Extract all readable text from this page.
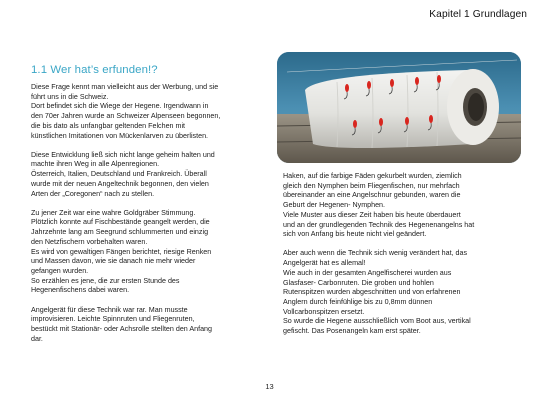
Kapitel 1 Grundlagen
1.1 Wer hat’s erfunden!?

Diese Frage kennt man vielleicht aus der Werbung, und sie
führt uns in die Schweiz.
Dort befindet sich die Wiege der Hegene. Irgendwann in
den 70er Jahren wurde an Schweizer Alpenseen begonnen,
die bis dato als unfangbar geltenden Felchen mit
künstlichen Imitationen von Mückenlarven zu überlisten.

Diese Entwicklung ließ sich nicht lange geheim halten und
machte ihren Weg in alle Alpenregionen.
Österreich, Italien, Deutschland und Frankreich. Überall
wurde mit der neuen Angeltechnik begonnen, den vielen
Arten der „Coregonen“ nach zu stellen.

Zu jener Zeit war eine wahre Goldgräber Stimmung.
Plötzlich konnte auf Fischbestände geangelt werden, die
Jahrzehnte lang am Seegrund schlummerten und einzig
den Netzfischern vorbehalten waren.
Es wird von gewaltigen Fängen berichtet, riesige Renken
und Massen davon, wie sie danach nie mehr wieder
gefangen wurden.
So erzählen es jene, die zur ersten Stunde des
Hegenenfischens dabei waren.

Angelgerät für diese Technik war rar. Man musste
improvisieren. Leichte Spinnruten und Fliegenruten,
bestückt mit Stationär- oder Achsrolle stellten den Anfang
dar.

Haken, auf die farbige Fäden gekurbelt wurden, ziemlich
gleich den Nymphen beim Fliegenfischen, nur mehrfach
übereinander an eine Angelschnur gebunden, waren die
Geburt der Hegenen- Nymphen.
Viele Muster aus dieser Zeit haben bis heute überdauert
und an der grundlegenden Technik des Hegenenangelns hat
sich von Anfang bis heute nicht viel geändert.

Aber auch wenn die Technik sich wenig verändert hat, das
Angelgerät hat es allemal!
Wie auch in der gesamten Angelfischerei wurden aus
Glasfaser- Carbonruten. Die groben und hohlen
Rutenspitzen wurden abgeschnitten und von erfahrenen
Anglern durch feinfühlige bis zu 0,8mm dünnen
Vollcarbonspitzen ersetzt.
So wurde die Hegene ausschließlich vom Boot aus, vertikal
gefischt. Das Posenangeln kam erst später.

13
